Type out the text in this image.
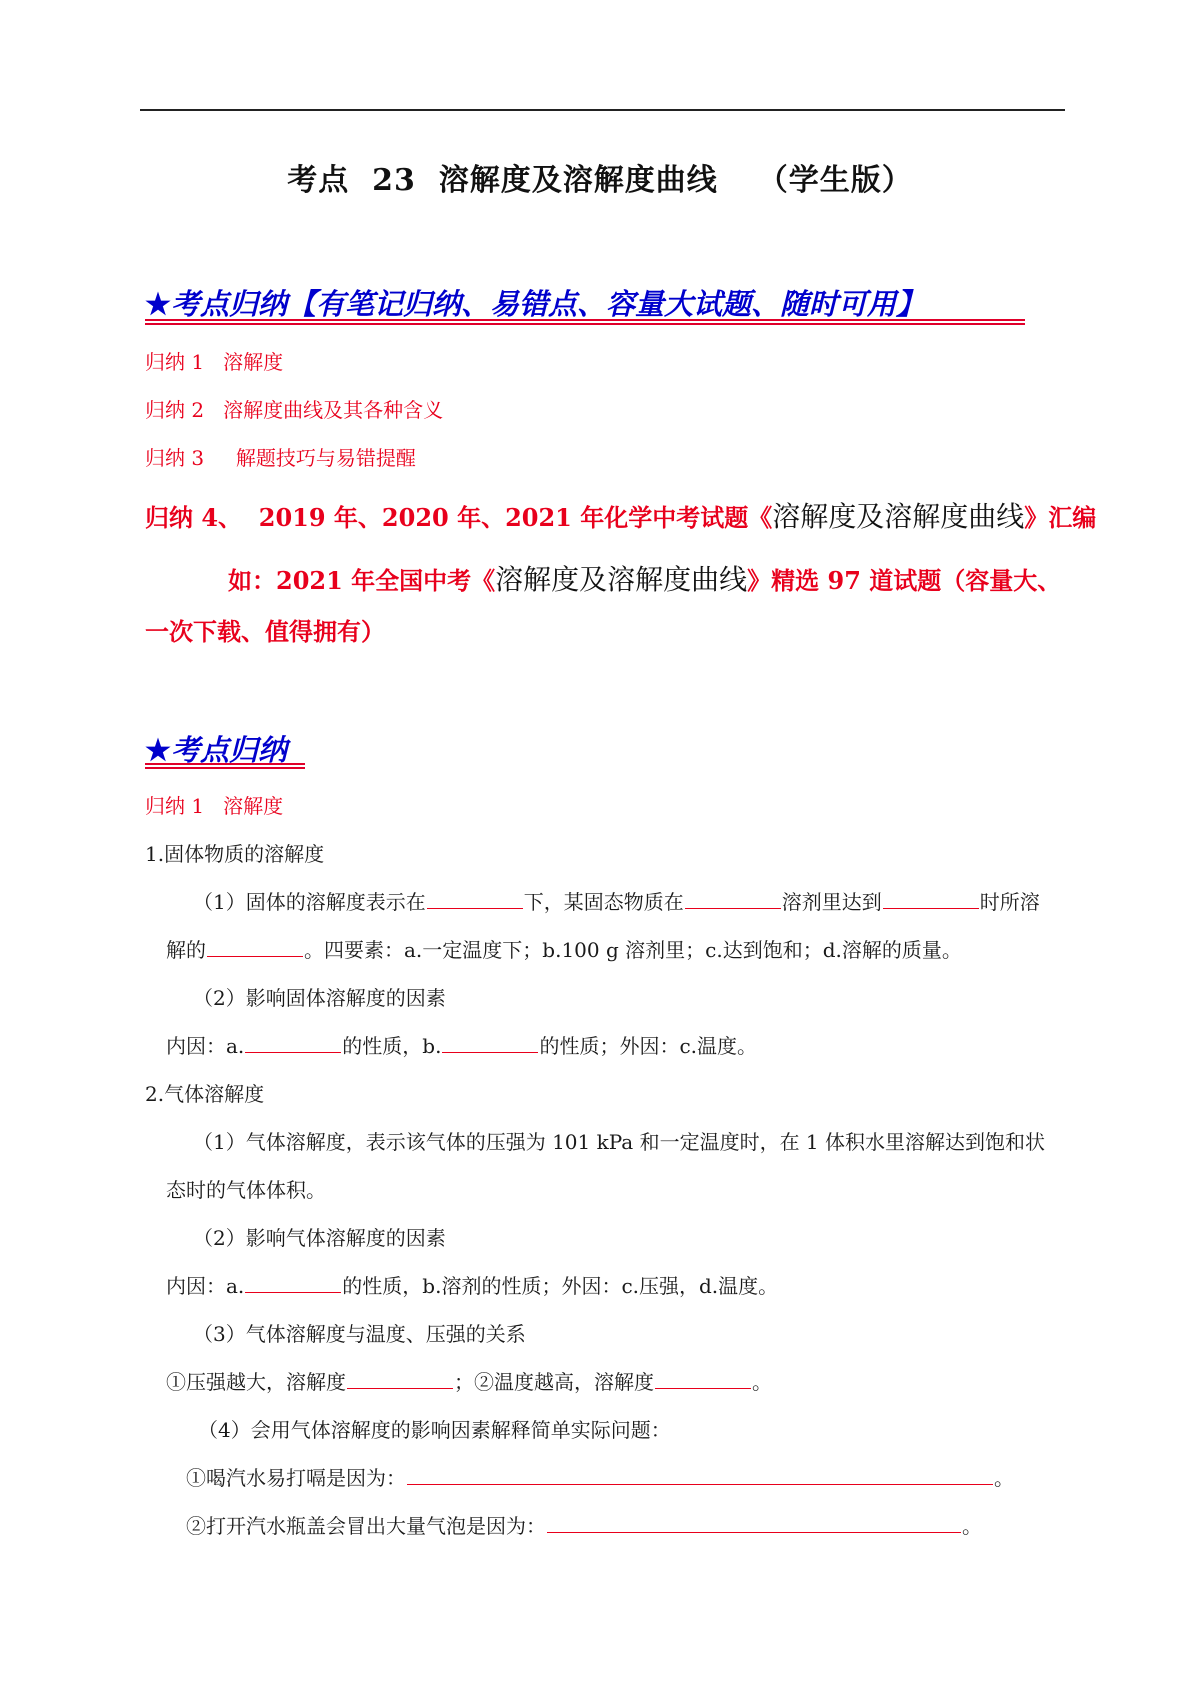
考点 23 溶解度及溶解度曲线 （学生版）
★考点归纳【有笔记归纳、易错点、容量大试题、随时可用】
归纳 1 溶解度
归纳 2 溶解度曲线及其各种含义
归纳 3 解题技巧与易错提醒
归纳 4、 2019 年、2020 年、2021 年化学中考试题《溶解度及溶解度曲线》汇编
如：2021 年全国中考《溶解度及溶解度曲线》精选 97 道试题（容量大、
一次下载、值得拥有）
★考点归纳
归纳 1 溶解度
1.固体物质的溶解度
（1）固体的溶解度表示在	下，某固态物质在	溶剂里达到	时所溶
解的	。四要素：a.一定温度下；b.100 g 溶剂里；c.达到饱和；d.溶解的质量。
（2）影响固体溶解度的因素
内因：a.	的性质，b.	的性质；外因：c.温度。
2.气体溶解度
（1）气体溶解度，表示该气体的压强为 101 kPa 和一定温度时，在 1 体积水里溶解达到饱和状
态时的气体体积。
（2）影响气体溶解度的因素
内因：a.	的性质，b.溶剂的性质；外因：c.压强，d.温度。
（3）气体溶解度与温度、压强的关系
①压强越大，溶解度	；②温度越高，溶解度	。
（4）会用气体溶解度的影响因素解释简单实际问题：
①喝汽水易打嗝是因为：	。
②打开汽水瓶盖会冒出大量气泡是因为：	。
